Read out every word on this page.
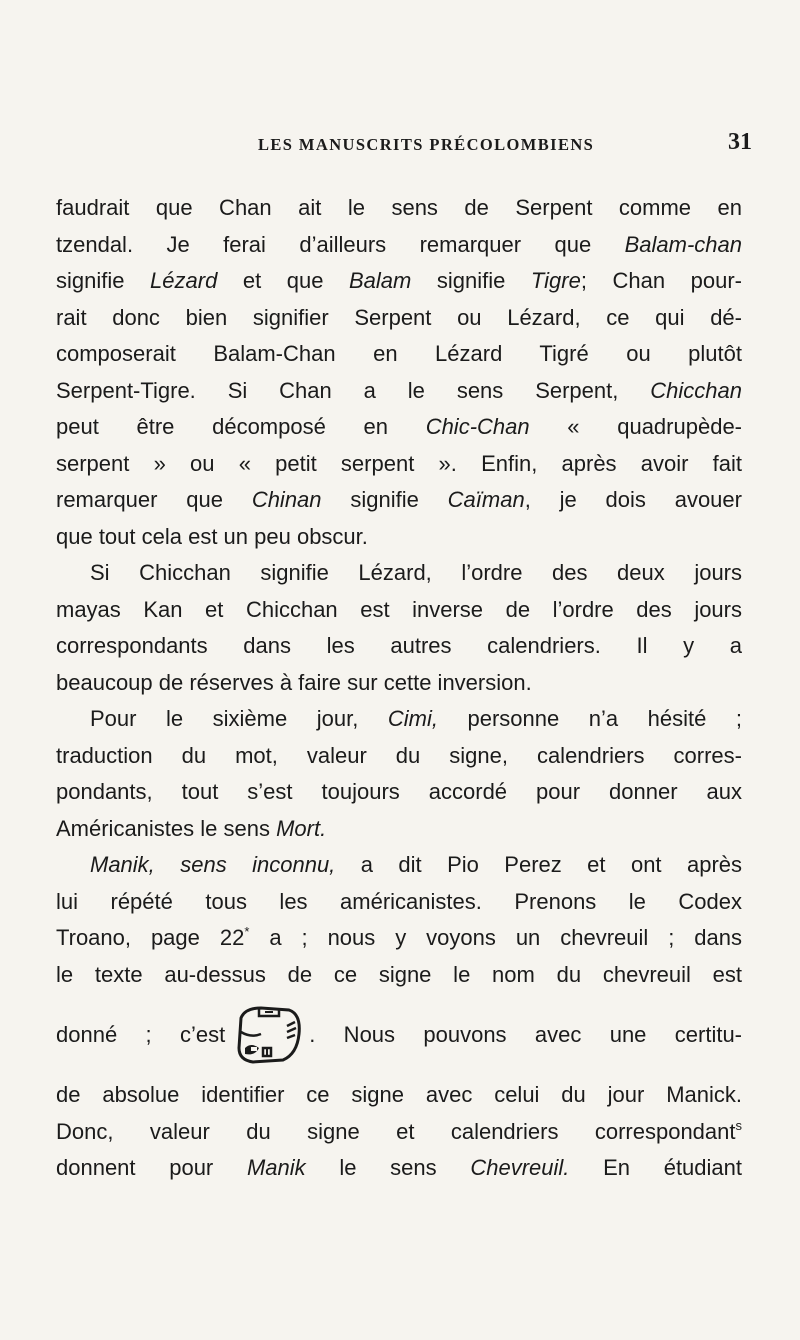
LES MANUSCRITS PRÉCOLOMBIENS	31
faudrait que Chan ait le sens de Serpent comme en
tzendal. Je ferai d’ailleurs remarquer que Balam-chan
signifie Lézard et que Balam signifie Tigre; Chan pour-
rait donc bien signifier Serpent ou Lézard, ce qui dé-
composerait Balam-Chan en Lézard Tigré ou plutôt
Serpent-Tigre. Si Chan a le sens Serpent, Chicchan
peut être décomposé en Chic-Chan « quadrupède-
serpent » ou « petit serpent ». Enfin, après avoir fait
remarquer que Chinan signifie Caïman, je dois avouer
que tout cela est un peu obscur.
Si Chicchan signifie Lézard, l’ordre des deux jours
mayas Kan et Chicchan est inverse de l’ordre des jours
correspondants dans les autres calendriers. Il y a
beaucoup de réserves à faire sur cette inversion.
Pour le sixième jour, Cimi, personne n’a hésité ;
traduction du mot, valeur du signe, calendriers corres-
pondants, tout s’est toujours accordé pour donner aux
Américanistes le sens Mort.
Manik, sens inconnu, a dit Pio Perez et ont après
lui répété tous les américanistes. Prenons le Codex
Troano, page 22* a ; nous y voyons un chevreuil ; dans
le texte au-dessus de ce signe le nom du chevreuil est
donné ; c’est	. Nous pouvons avec une certitu-
de absolue identifier ce signe avec celui du jour Manick.
Donc, valeur du signe et calendriers correspondant$^s$
donnent pour Manik le sens Chevreuil. En étudiant
